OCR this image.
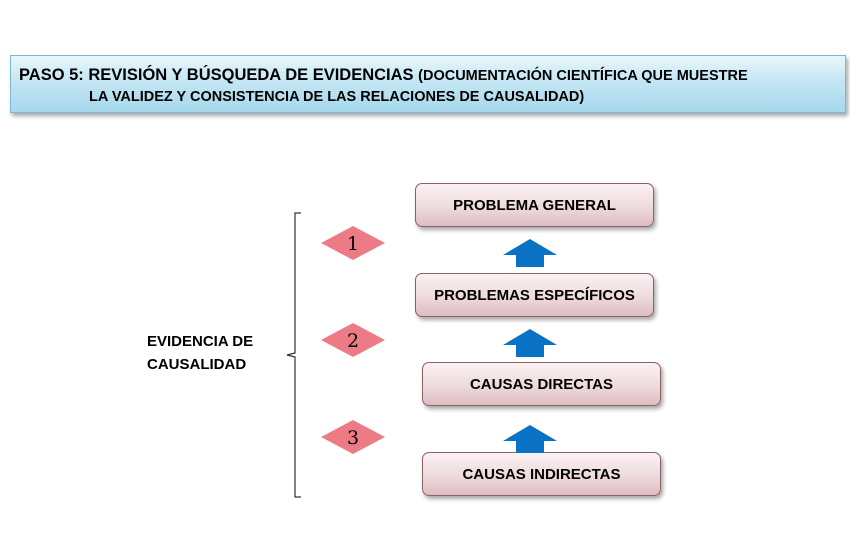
PASO 5: REVISIÓN Y BÚSQUEDA DE EVIDENCIAS (DOCUMENTACIÓN CIENTÍFICA QUE MUESTRE
LA VALIDEZ Y CONSISTENCIA DE LAS RELACIONES DE CAUSALIDAD)
PROBLEMA GENERAL
PROBLEMAS ESPECÍFICOS
CAUSAS DIRECTAS
CAUSAS INDIRECTAS
1
2
3
EVIDENCIA DE
CAUSALIDAD
